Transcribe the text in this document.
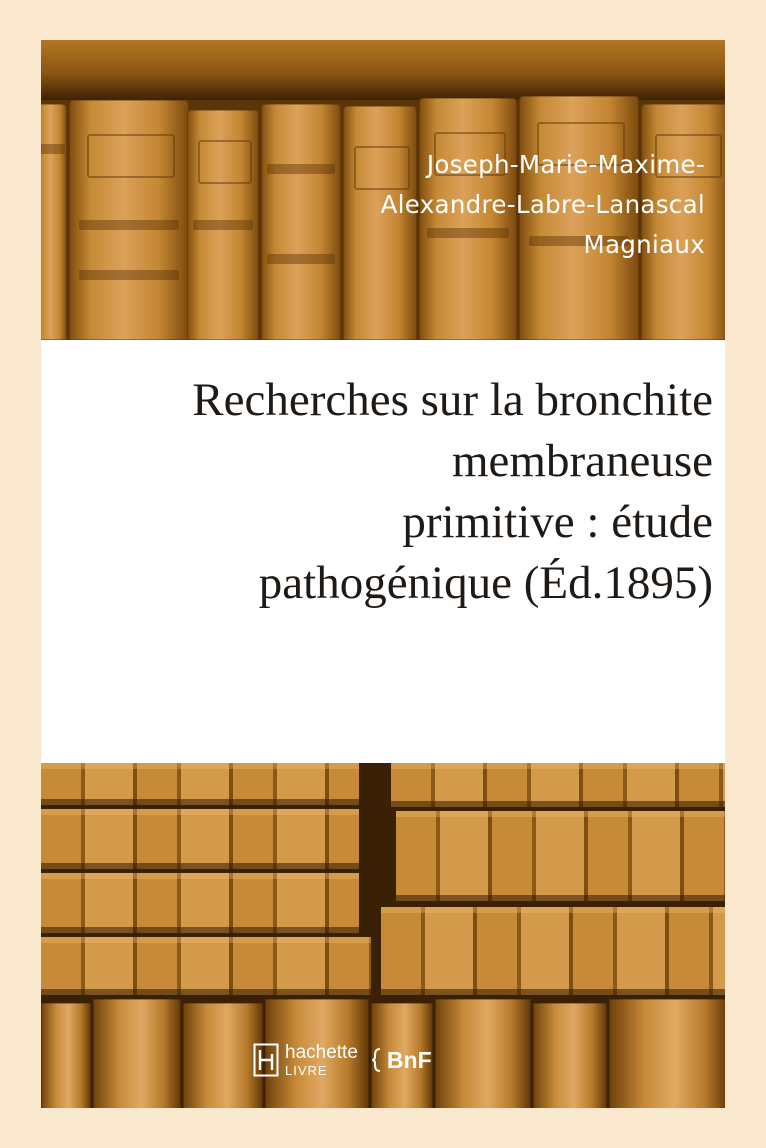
Joseph-Marie-Maxime-
Alexandre-Labre-Lanascal
Magniaux
Recherches sur la bronchite
membraneuse
primitive : étude
pathogénique (Éd.1895)
hachette
LIVRE	BnF
